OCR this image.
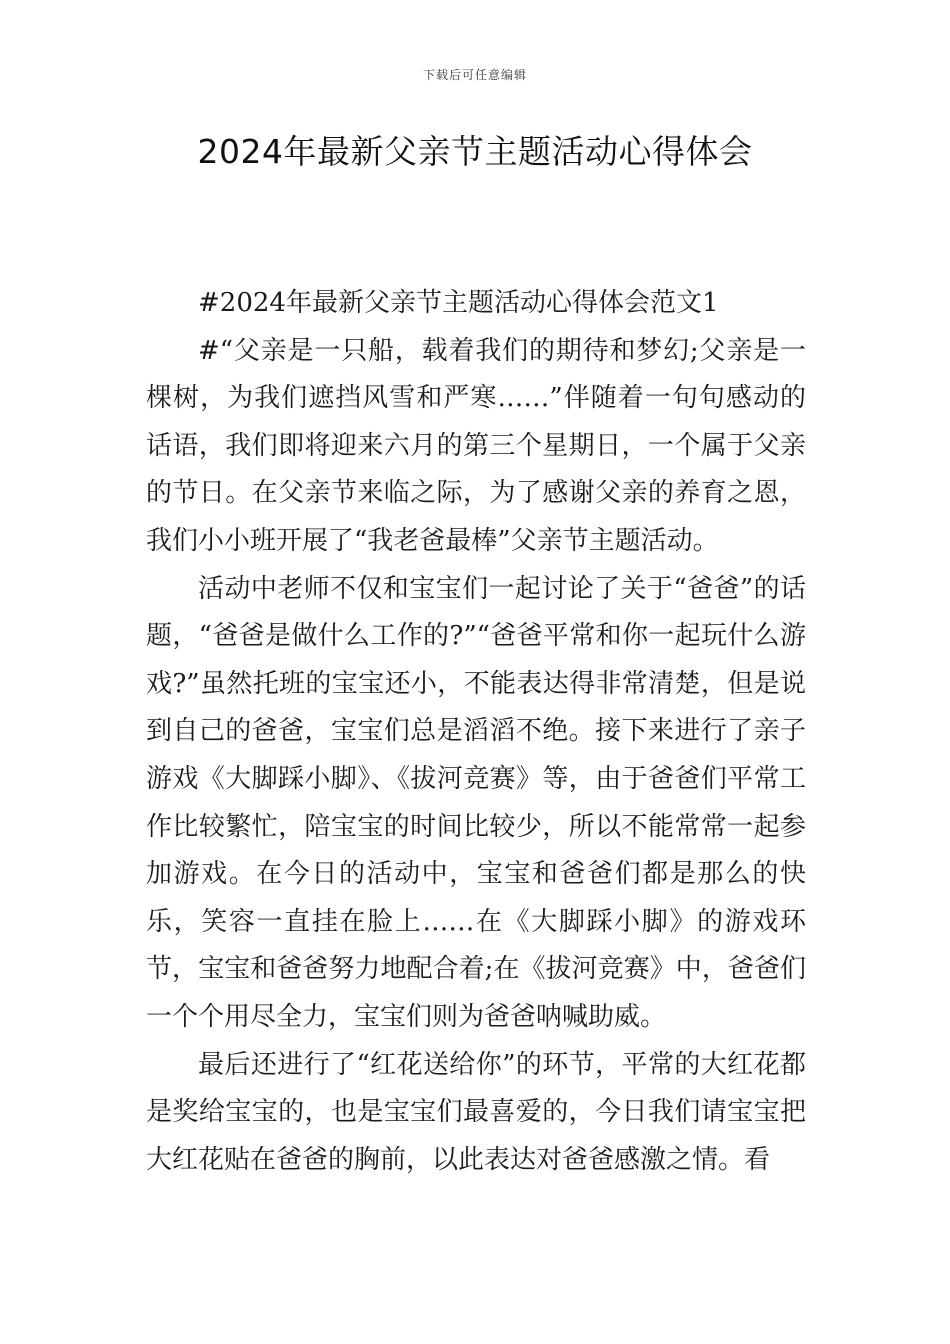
下载后可任意编辑
2024年最新父亲节主题活动心得体会

#2024年最新父亲节主题活动心得体会范文1

#“父亲是一只船，载着我们的期待和梦幻;父亲是一棵树，为我们遮挡风雪和严寒……”伴随着一句句感动的话语，我们即将迎来六月的第三个星期日，一个属于父亲的节日。在父亲节来临之际，为了感谢父亲的养育之恩，我们小小班开展了“我老爸最棒”父亲节主题活动。

活动中老师不仅和宝宝们一起讨论了关于“爸爸”的话题，“爸爸是做什么工作的?”“爸爸平常和你一起玩什么游戏?”虽然托班的宝宝还小，不能表达得非常清楚，但是说到自己的爸爸，宝宝们总是滔滔不绝。接下来进行了亲子游戏《大脚踩小脚》、《拔河竞赛》等，由于爸爸们平常工作比较繁忙，陪宝宝的时间比较少，所以不能常常一起参加游戏。在今日的活动中，宝宝和爸爸们都是那么的快乐，笑容一直挂在脸上……在《大脚踩小脚》的游戏环节，宝宝和爸爸努力地配合着;在《拔河竞赛》中，爸爸们一个个用尽全力，宝宝们则为爸爸呐喊助威。

最后还进行了“红花送给你”的环节，平常的大红花都是奖给宝宝的，也是宝宝们最喜爱的，今日我们请宝宝把大红花贴在爸爸的胸前，以此表达对爸爸感激之情。看
